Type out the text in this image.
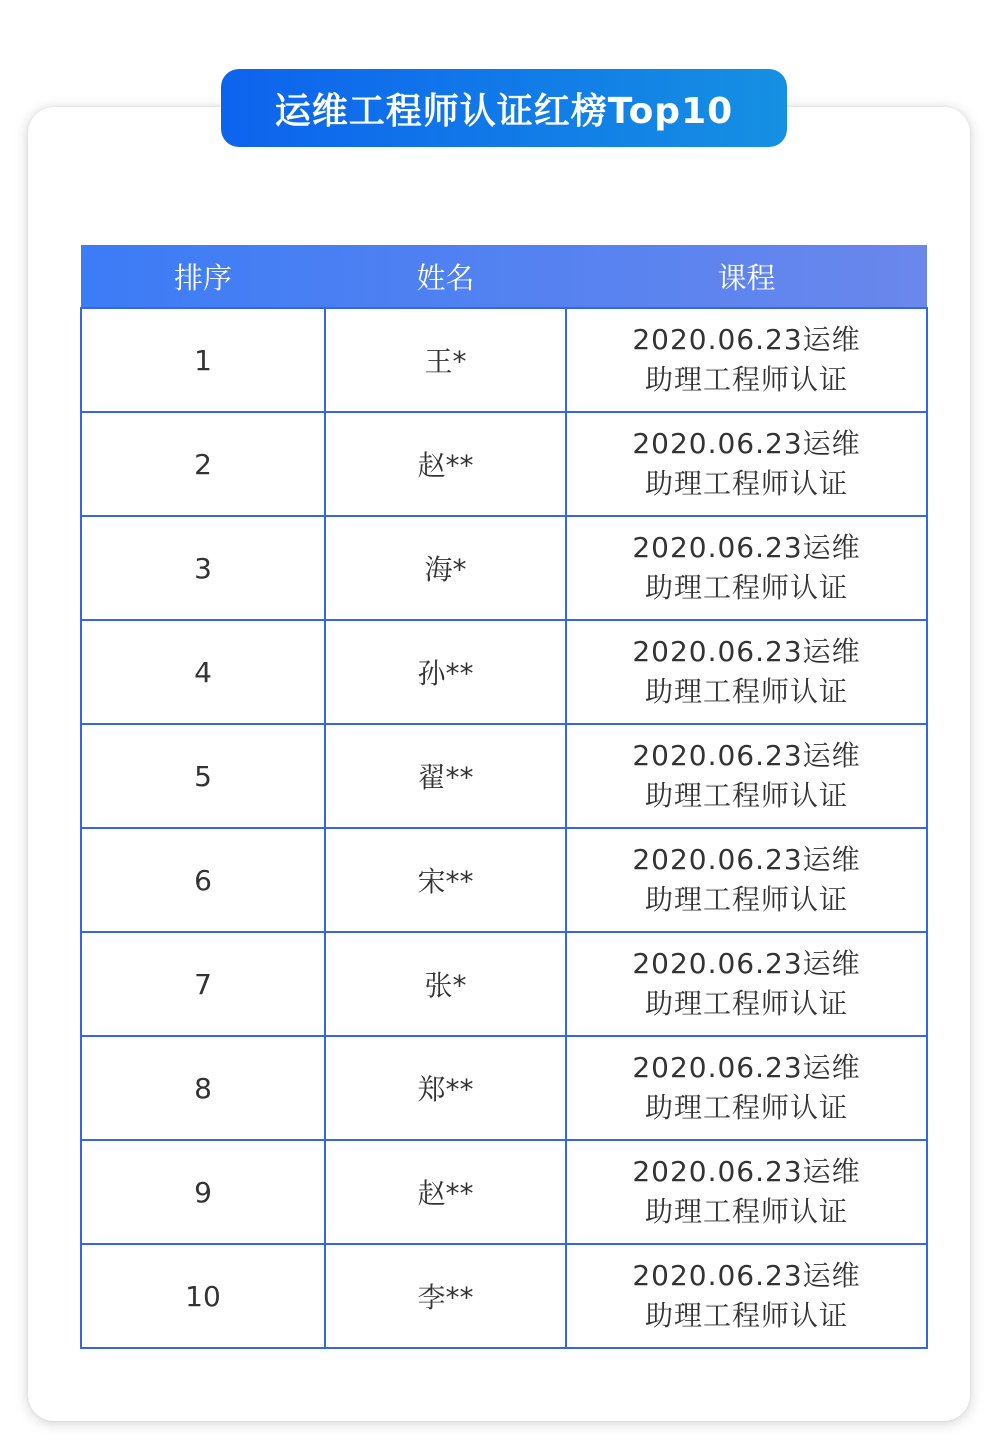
运维工程师认证红榜Top10
排序	姓名	课程
1	王*	2020.06.23运维
助理工程师认证

2	赵**	2020.06.23运维
助理工程师认证

3	海*	2020.06.23运维
助理工程师认证

4	孙**	2020.06.23运维
助理工程师认证

5	翟**	2020.06.23运维
助理工程师认证

6	宋**	2020.06.23运维
助理工程师认证

7	张*	2020.06.23运维
助理工程师认证

8	郑**	2020.06.23运维
助理工程师认证

9	赵**	2020.06.23运维
助理工程师认证

10	李**	2020.06.23运维
助理工程师认证
